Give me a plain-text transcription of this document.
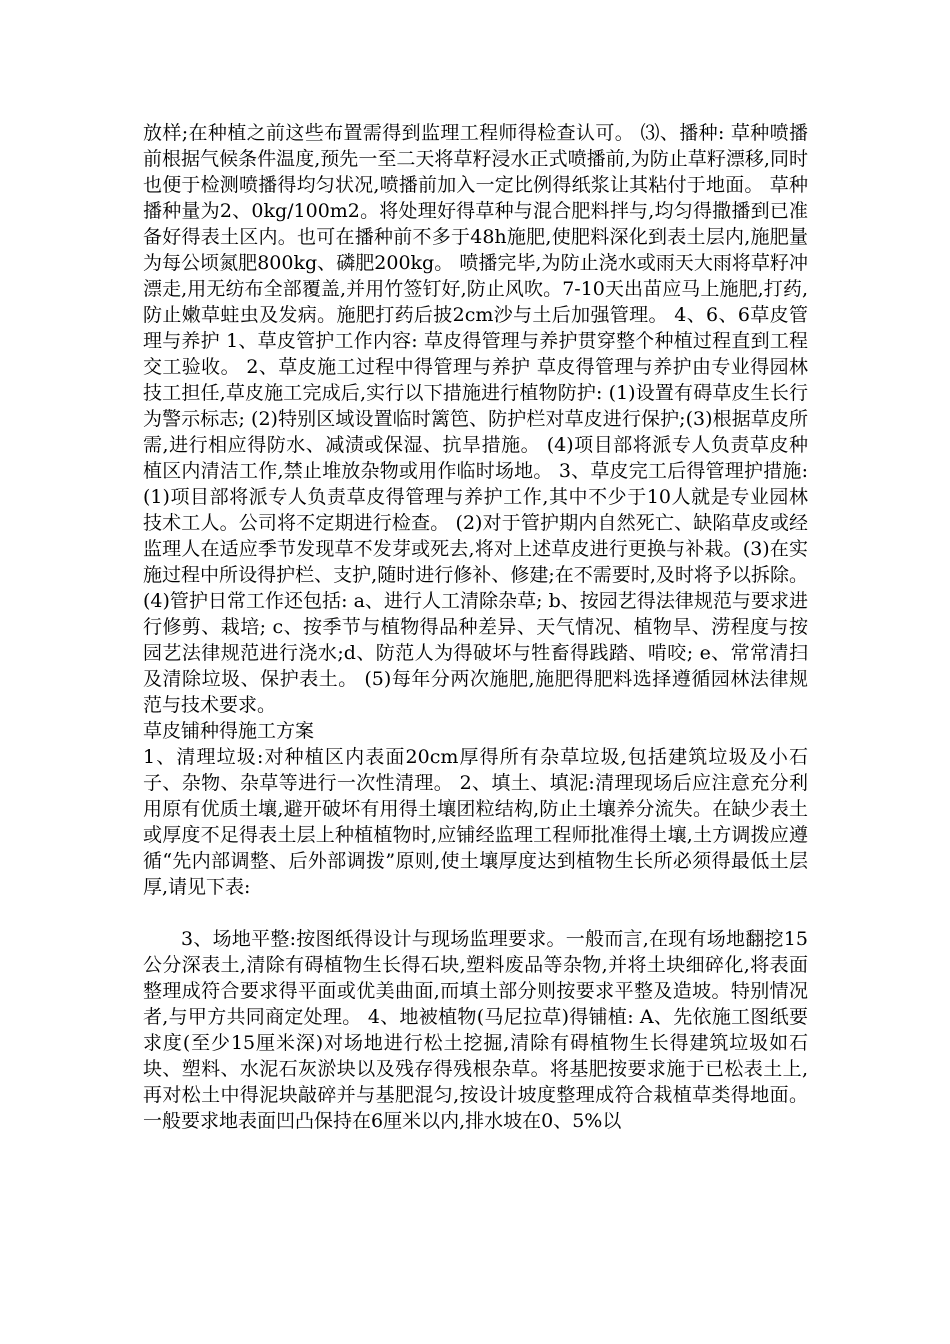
放样;在种植之前这些布置需得到监理工程师得检查认可。 ⑶、播种: 草种喷播前根据气候条件温度,预先一至二天将草籽浸水正式喷播前,为防止草籽漂移,同时也便于检测喷播得均匀状况,喷播前加入一定比例得纸浆让其粘付于地面。 草种播种量为2、0kg/100m2。将处理好得草种与混合肥料拌与,均匀得撒播到已准备好得表土区内。也可在播种前不多于48h施肥,使肥料深化到表土层内,施肥量为每公顷氮肥800kg、磷肥200kg。 喷播完毕,为防止浇水或雨天大雨将草籽冲漂走,用无纺布全部覆盖,并用竹签钉好,防止风吹。7-10天出苗应马上施肥,打药,防止嫩草蛀虫及发病。施肥打药后披2cm沙与土后加强管理。 4、6、6草皮管理与养护 1、草皮管护工作内容: 草皮得管理与养护贯穿整个种植过程直到工程交工验收。 2、草皮施工过程中得管理与养护 草皮得管理与养护由专业得园林技工担任,草皮施工完成后,实行以下措施进行植物防护: (1)设置有碍草皮生长行为警示标志; (2)特别区域设置临时篱笆、防护栏对草皮进行保护;(3)根据草皮所需,进行相应得防水、减渍或保湿、抗旱措施。 (4)项目部将派专人负责草皮种植区内清洁工作,禁止堆放杂物或用作临时场地。 3、草皮完工后得管理护措施: (1)项目部将派专人负责草皮得管理与养护工作,其中不少于10人就是专业园林技术工人。公司将不定期进行检查。 (2)对于管护期内自然死亡、缺陷草皮或经监理人在适应季节发现草不发芽或死去,将对上述草皮进行更换与补栽。(3)在实施过程中所设得护栏、支护,随时进行修补、修建;在不需要时,及时将予以拆除。 (4)管护日常工作还包括: a、进行人工清除杂草; b、按园艺得法律规范与要求进行修剪、栽培; c、按季节与植物得品种差异、天气情况、植物旱、涝程度与按园艺法律规范进行浇水;d、防范人为得破坏与牲畜得践踏、啃咬; e、常常清扫及清除垃圾、保护表土。 (5)每年分两次施肥,施肥得肥料选择遵循园林法律规范与技术要求。

草皮铺种得施工方案

1、清理垃圾:对种植区内表面20cm厚得所有杂草垃圾,包括建筑垃圾及小石子、杂物、杂草等进行一次性清理。 2、填土、填泥:清理现场后应注意充分利用原有优质土壤,避开破坏有用得土壤团粒结构,防止土壤养分流失。在缺少表土或厚度不足得表土层上种植植物时,应铺经监理工程师批准得土壤,土方调拨应遵循“先内部调整、后外部调拨”原则,使土壤厚度达到植物生长所必须得最低土层厚,请见下表:

3、场地平整:按图纸得设计与现场监理要求。一般而言,在现有场地翻挖15公分深表土,清除有碍植物生长得石块,塑料废品等杂物,并将土块细碎化,将表面整理成符合要求得平面或优美曲面,而填土部分则按要求平整及造坡。特别情况者,与甲方共同商定处理。 4、地被植物(马尼拉草)得铺植: A、先依施工图纸要求度(至少15厘米深)对场地进行松土挖掘,清除有碍植物生长得建筑垃圾如石块、塑料、水泥石灰淤块以及残存得残根杂草。将基肥按要求施于已松表土上,再对松土中得泥块敲碎并与基肥混匀,按设计坡度整理成符合栽植草类得地面。一般要求地表面凹凸保持在6厘米以内,排水坡在0、5%以
